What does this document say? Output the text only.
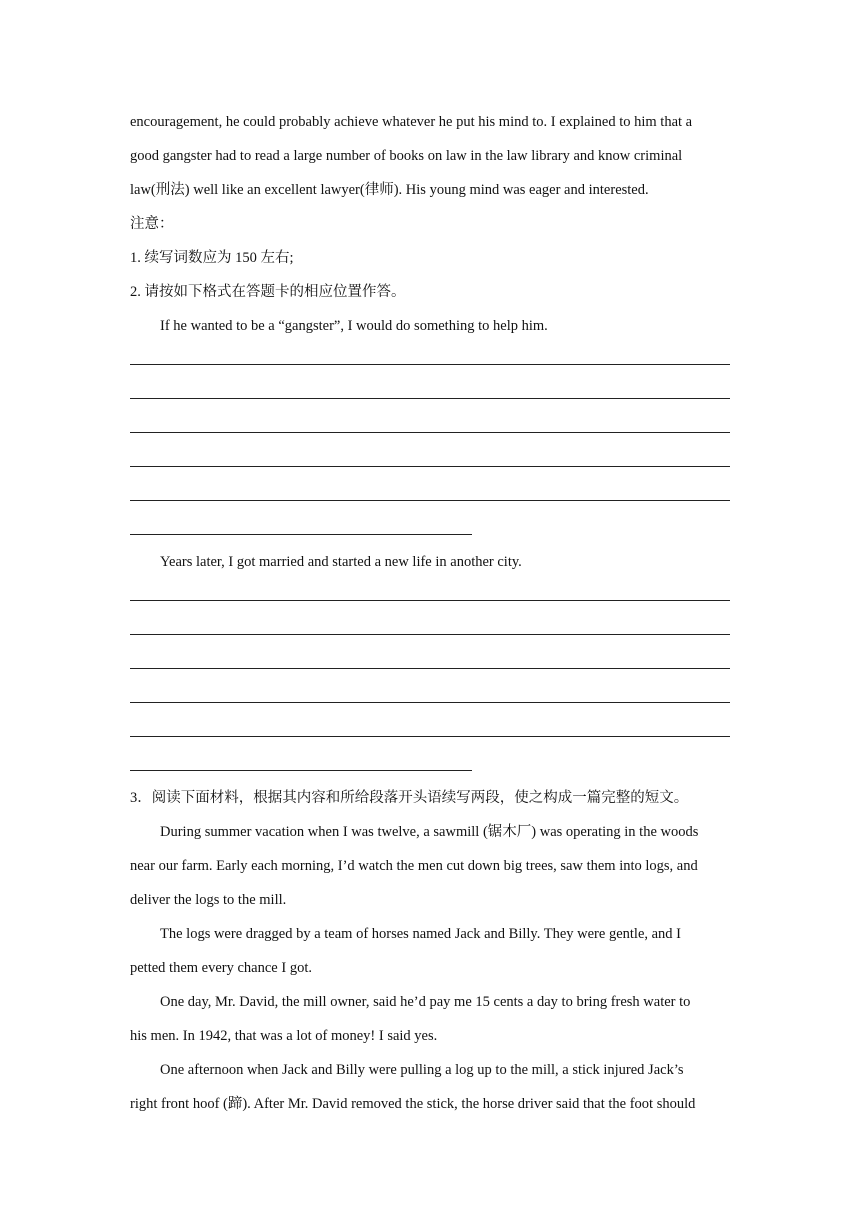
encouragement, he could probably achieve whatever he put his mind to. I explained to him that a
good gangster had to read a large number of books on law in the law library and know criminal
law(刑法) well like an excellent lawyer(律师). His young mind was eager and interested.
注意：
1. 续写词数应为 150 左右;
2. 请按如下格式在答题卡的相应位置作答。
If he wanted to be a “gangster”, I would do something to help him.
Years later, I got married and started a new life in another city.
3．阅读下面材料，根据其内容和所给段落开头语续写两段，使之构成一篇完整的短文。
During summer vacation when I was twelve, a sawmill (锯木厂) was operating in the woods
near our farm. Early each morning, I’d watch the men cut down big trees, saw them into logs, and
deliver the logs to the mill.
The logs were dragged by a team of horses named Jack and Billy. They were gentle, and I
petted them every chance I got.
One day, Mr. David, the mill owner, said he’d pay me 15 cents a day to bring fresh water to
his men. In 1942, that was a lot of money! I said yes.
One afternoon when Jack and Billy were pulling a log up to the mill, a stick injured Jack’s
right front hoof (蹄). After Mr. David removed the stick, the horse driver said that the foot should
